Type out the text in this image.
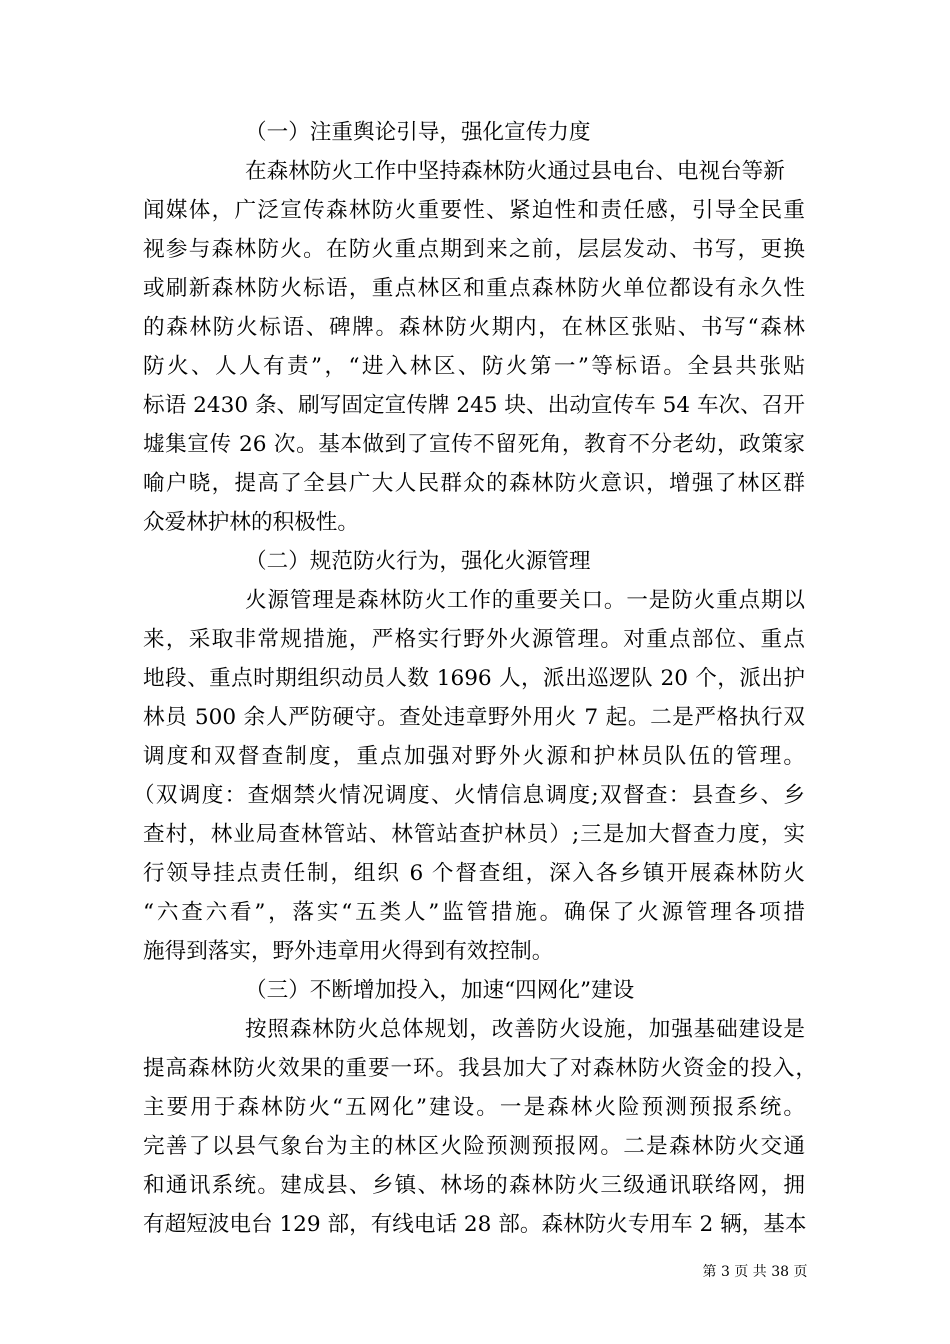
（一）注重舆论引导，强化宣传力度
在森林防火工作中坚持森林防火通过县电台、电视台等新
闻媒体，广泛宣传森林防火重要性、紧迫性和责任感，引导全民重
视参与森林防火。在防火重点期到来之前，层层发动、书写，更换
或刷新森林防火标语，重点林区和重点森林防火单位都设有永久性
的森林防火标语、碑牌。森林防火期内，在林区张贴、书写“森林
防火、人人有责”，“进入林区、防火第一”等标语。全县共张贴
标语 2430 条、刷写固定宣传牌 245 块、出动宣传车 54 车次、召开
墟集宣传 26 次。基本做到了宣传不留死角，教育不分老幼，政策家
喻户晓，提高了全县广大人民群众的森林防火意识，增强了林区群
众爱林护林的积极性。
（二）规范防火行为，强化火源管理
火源管理是森林防火工作的重要关口。一是防火重点期以
来，采取非常规措施，严格实行野外火源管理。对重点部位、重点
地段、重点时期组织动员人数 1696 人，派出巡逻队 20 个，派出护
林员 500 余人严防硬守。查处违章野外用火 7 起。二是严格执行双
调度和双督查制度，重点加强对野外火源和护林员队伍的管理。
（双调度：查烟禁火情况调度、火情信息调度;双督查：县查乡、乡
查村，林业局查林管站、林管站查护林员）;三是加大督查力度，实
行领导挂点责任制，组织 6 个督查组，深入各乡镇开展森林防火
“六查六看”，落实“五类人”监管措施。确保了火源管理各项措
施得到落实，野外违章用火得到有效控制。
（三）不断增加投入，加速“四网化”建设
按照森林防火总体规划，改善防火设施，加强基础建设是
提高森林防火效果的重要一环。我县加大了对森林防火资金的投入，
主要用于森林防火“五网化”建设。一是森林火险预测预报系统。
完善了以县气象台为主的林区火险预测预报网。二是森林防火交通
和通讯系统。建成县、乡镇、林场的森林防火三级通讯联络网，拥
有超短波电台 129 部，有线电话 28 部。森林防火专用车 2 辆，基本
第 3 页 共 38 页
